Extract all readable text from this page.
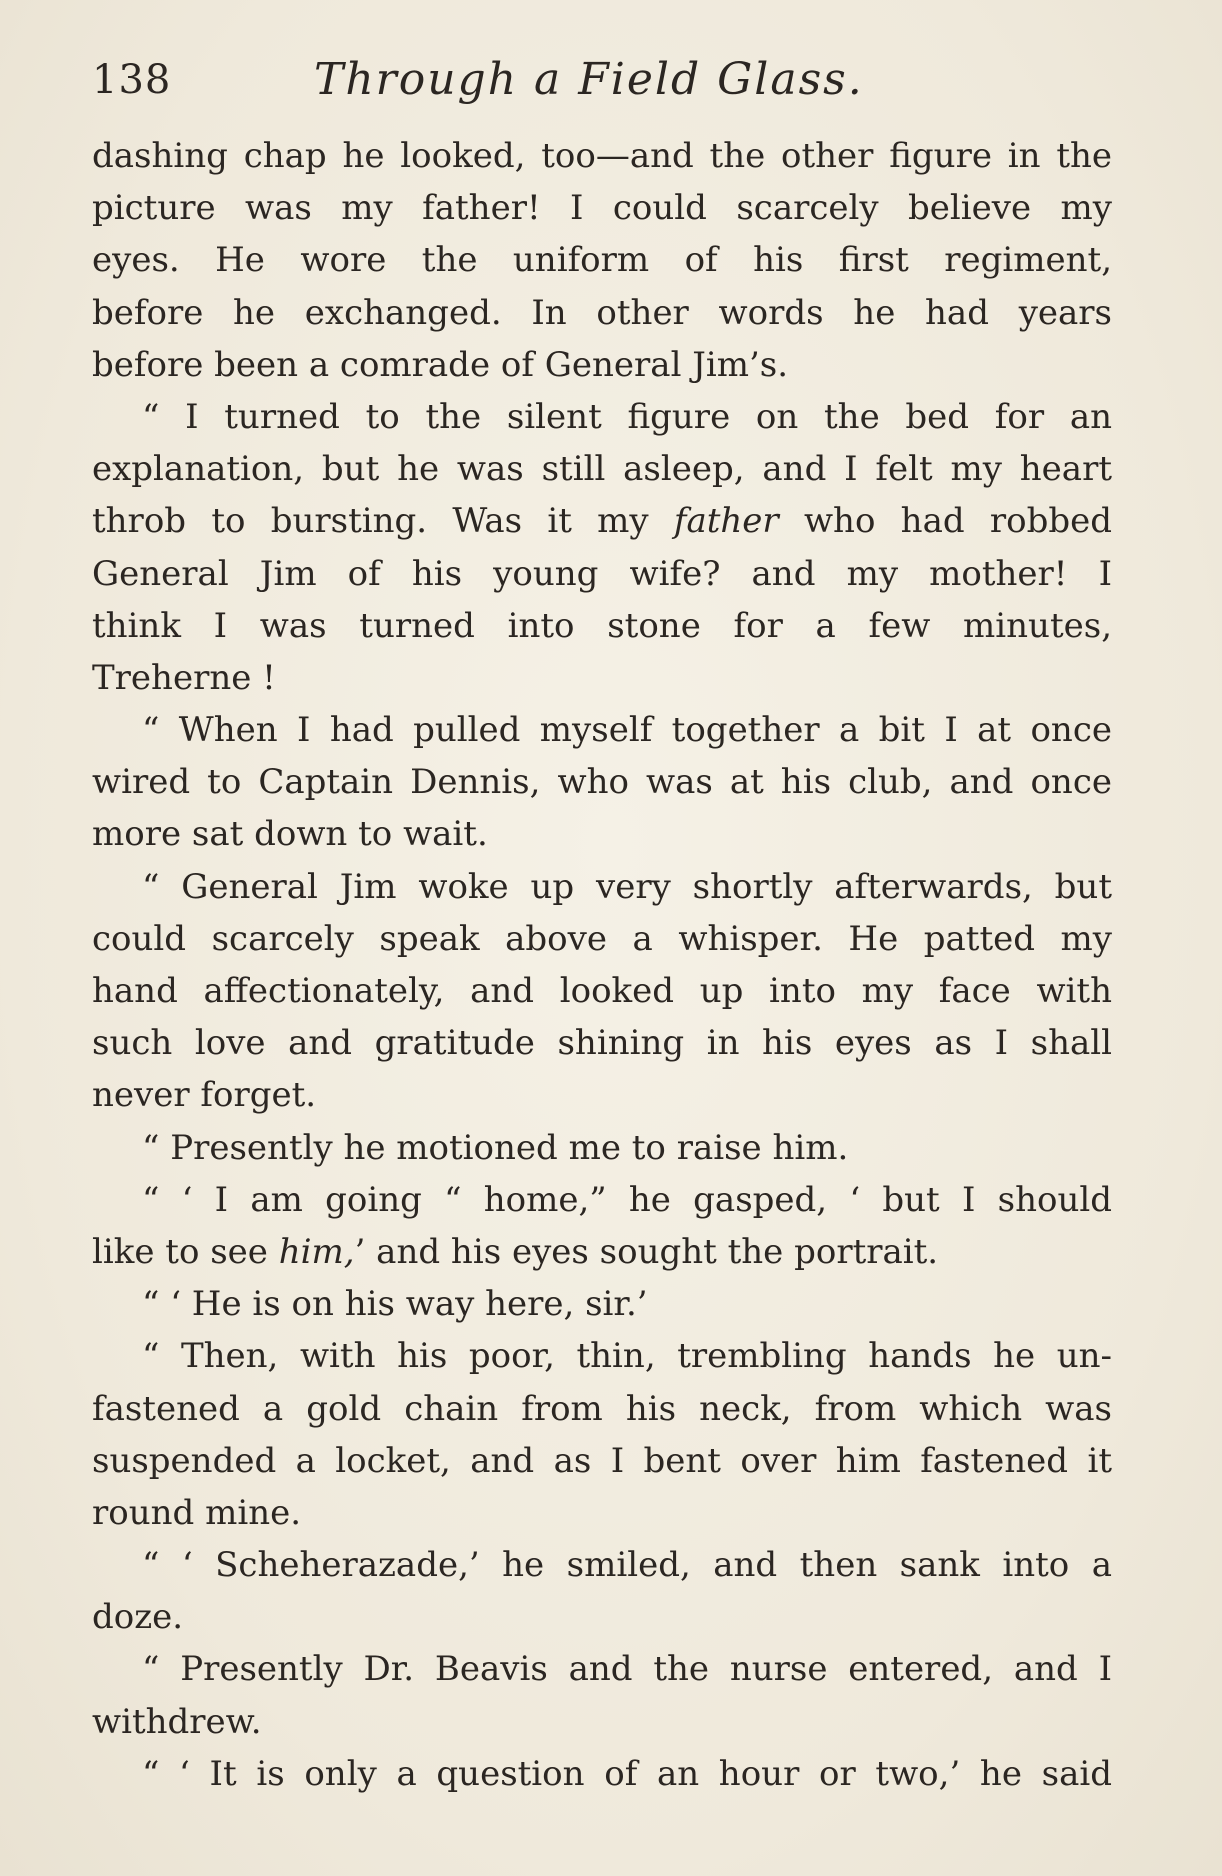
138	Through a Field Glass.
dashing chap he looked, too—and the other figure in the
picture was my father! I could scarcely believe my
eyes. He wore the uniform of his first regiment,
before he exchanged. In other words he had years
before been a comrade of General Jim’s.
“ I turned to the silent figure on the bed for an
explanation, but he was still asleep, and I felt my heart
throb to bursting. Was it my father who had robbed
General Jim of his young wife? and my mother! I
think I was turned into stone for a few minutes,
Treherne !
“ When I had pulled myself together a bit I at once
wired to Captain Dennis, who was at his club, and once
more sat down to wait.
“ General Jim woke up very shortly afterwards, but
could scarcely speak above a whisper. He patted my
hand affectionately, and looked up into my face with
such love and gratitude shining in his eyes as I shall
never forget.
“ Presently he motioned me to raise him.
“ ‘ I am going “ home,” he gasped, ‘ but I should
like to see him,’ and his eyes sought the portrait.
“ ‘ He is on his way here, sir.’
“ Then, with his poor, thin, trembling hands he un-
fastened a gold chain from his neck, from which was
suspended a locket, and as I bent over him fastened it
round mine.
“ ‘ Scheherazade,’ he smiled, and then sank into a
doze.
“ Presently Dr. Beavis and the nurse entered, and I
withdrew.
“ ‘ It is only a question of an hour or two,’ he said
